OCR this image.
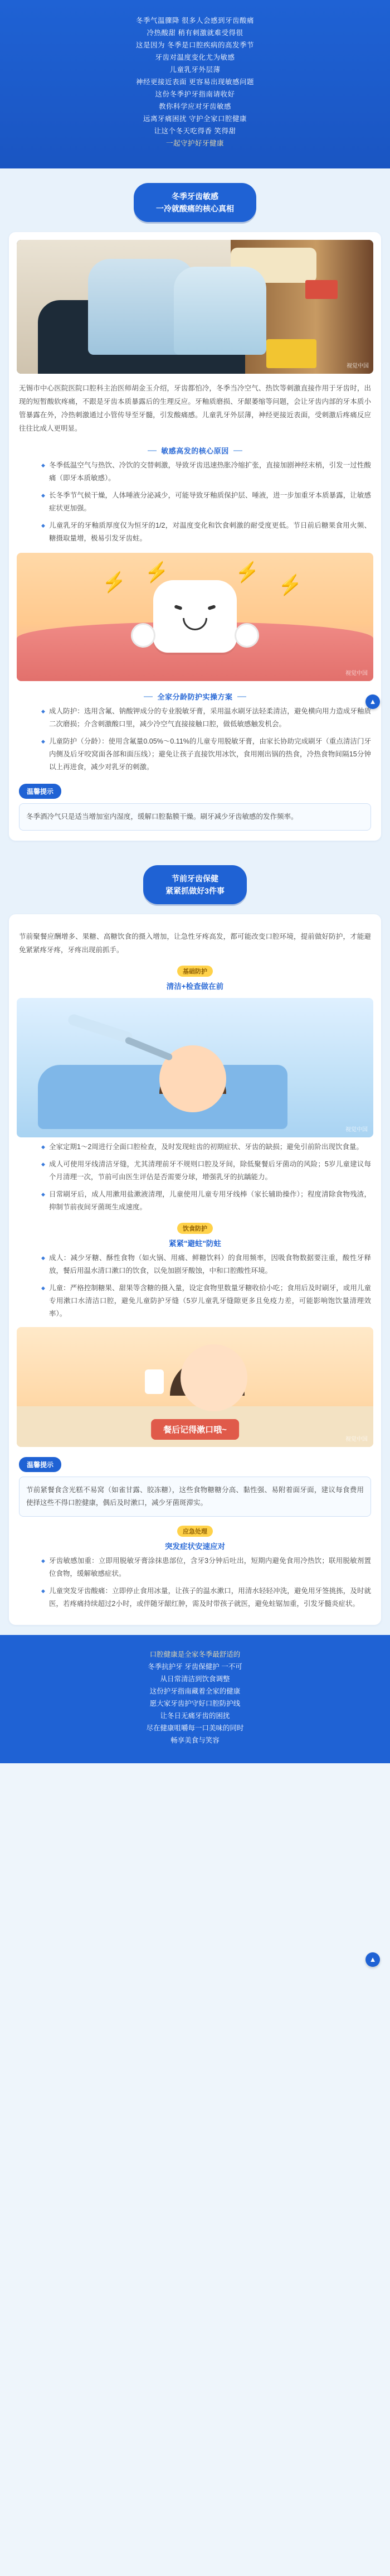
冬季气温骤降 很多人会感到牙齿酸痛
冷热酸甜 稍有刺激就难受得很
这是因为 冬季是口腔疾病的高发季节
牙齿对温度变化尤为敏感
儿童乳牙外层薄
神经更接近表面 更容易出现敏感问题
这份冬季护牙指南请收好
教你科学应对牙齿敏感
远离牙痛困扰 守护全家口腔健康
让这个冬天吃得香 笑得甜
一起守护好牙健康
冬季牙齿敏感
一冷就酸痛的核心真相
视觉中国
无锡市中心医院医院口腔科主治医师胡金玉介绍，牙齿都怕冷，冬季当冷空气、热饮等刺激直接作用于牙齿时，出现的短暂酸软疼痛，不跟是牙齿本质暴露后的生理反应。牙釉质磨损、牙龈萎缩等问题，会让牙齿内部的牙本质小管暴露在外，冷热刺激通过小管传导至牙髓，引发酸痛感。儿童乳牙外层薄，神经更接近表面，受刺激后疼痛反应往往比成人更明显。
敏感高发的核心原因
◆ 冬季低温空气与热饮、冷饮的交替刺激，导致牙齿迅速热胀冷缩扩张，直接加剧神经末梢，引发一过性酸痛（即牙本质敏感）。
◆ 长冬季节气候干燥，人体唾液分泌减少，可能导致牙釉质保护层、唾液，进一步加重牙本质暴露，让敏感症状更加强。
◆ 儿童乳牙的牙釉质厚度仅为恒牙的1/2，对温度变化和饮食刺激的耐受度更低。节日前后糖果食用火频、糖摄取量增，极易引发牙齿蛀。
⚡ ⚡	⚡
⚡
视觉中国
全家分龄防护实操方案
◆ 成人防护：选用含氟、钠酸钾成分的专业脱敏牙膏，采用温水刷牙法轻柔清洁，避免横向用力造成牙釉质二次磨损；介含刺激酸口里，减少冷空气直接接触口腔，做低敏感触发机会。
◆ 儿童防护（分龄）：使用含氟量0.05%～0.11%的儿童专用脱敏牙膏，由家长协助完成刷牙（重点清洁门牙内侧及后牙咬窝面各部和面压线）；避免让孩子直接饮用冰饮，食用刚出锅的热食，冷热食物间隔15分钟以上再进食，减少对乳牙的刺激。
温馨提示
冬季酒冷气只是适当增加室内湿度，缓解口腔黏膜干燥。刷牙减少牙齿敏感的发作频率。
节前牙齿保健
紧紧抓做好3件事
节前聚餐应酬增多、果糖、高糖饮食的摄入增加，让急性牙疼高发，都可能改变口腔环境，提前做好防护，才能避免紧紧疼牙疼，牙疼出现前抓手。
基础防护
清洁+检查做在前
视觉中国
◆ 全家定期1～2周进行全面口腔检查，及时发现蛀齿的初期症状、牙齿的缺损；避免引前阶出现饮食量。
◆ 成人可使用牙线清洁牙缝，尤其清理前牙不规则口腔及牙间，除低聚餐后牙菌动的风险；5岁儿童建议每个月清理一次，节前可由医生评估是否需要分球，增强乳牙的抗龋能力。
◆ 日常刷牙后，成人用漱用盐漱液清理，儿童使用儿童专用牙线棒（家长辅助操作）；程度清除食物残渣，抑制节前夜间牙菌斑生成速度。
饮食防护
紧紧"避蛀"防蛀
◆ 成人：减少牙糖、酥性食物（如火锅、用痛、鲜糖饮料）的食用频率，因吸食物数据要注重，酸性牙释放，餐后用温水清口漱口的饮食，以免加剧牙酸蚀，中和口腔酸性环境。
◆ 儿童：严格控制糖果、甜果等含糖的摄入量，设定食物里数量牙糖收拾小吃；食用后及时刷牙，或用儿童专用漱口水清洁口腔，避免儿童防护牙缝（5岁儿童乳牙缝隙更多且免疫力差，可能影响饱饮量清理效率）。
餐后记得漱口哦~
视觉中国
温馨提示
节前紧餐食含光糕不易窝（如雀甘露、胶冻糖），这些食物糖糖分高、黏性强、易附着面牙面，建议每食费用使择这些不得口腔健康，偶后及时漱口，减少牙菌斑滞实。
应急处理
突发症状安速应对
◆ 牙齿敏感加重：立即用脱敏牙膏涂抹患部位，含牙3分钟后吐出，短期内避免食用冷热饮；联用脱敏剂置位食物，缓解敏感症状。
◆ 儿童突发牙齿酸痛：立即停止食用冰量，让孩子的温水漱口，用清水轻轻冲洗，避免用牙签挑拣，及时就医，若疼痛持续超过2小时，或伴随牙龈红肿，需及时带孩子就医，避免蛀锯加重，引发牙髓炎症状。
口腔健康是全家冬季最舒适的
冬季抗护牙 牙齿保健护 一不可
从日常清洁到饮食调整
这份护牙指南藏着全家的健康
愿大家牙齿护守好口腔防护线
让冬日无痛牙齿的困扰
尽在健康咀嚼每一口美味的同时
畅享美食与笑容
▲
▲
